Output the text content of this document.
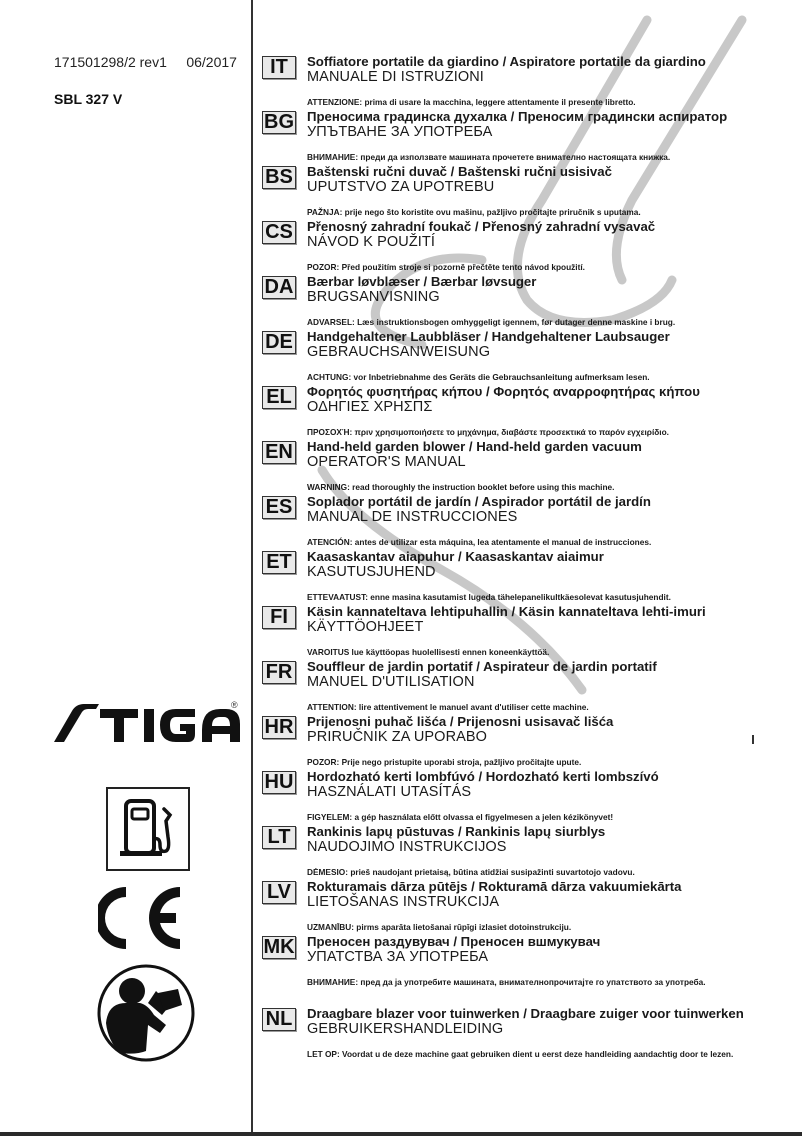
171501298/2 rev1 06/2017
SBL 327 V
®
IT	Soffiatore portatile da giardino / Aspiratore portatile da giardino
MANUALE DI ISTRUZIONI
ATTENZIONE: prima di usare la macchina, leggere attentamente il presente libretto.
BG Преносима градинска духалка / Преносим градински аспиратор
УПЪТВАНЕ ЗА УПОТРЕБА
ВНИМАНИЕ: преди да използвате машината прочетете внимателно настоящата книжка.
BS Baštenski ručni duvač / Baštenski ručni usisivač
UPUTSTVO ZA UPOTREBU
PAŽNJA: prije nego što koristite ovu mašinu, pažljivo pročitajte priručnik s uputama.
CS Přenosný zahradní foukač / Přenosný zahradní vysavač
NÁVOD K POUŽITÍ
POZOR: Před použitím stroje si pozorně přečtěte tento návod kpoužití.
DA Bærbar løvblæser / Bærbar løvsuger
BRUGSANVISNING
ADVARSEL: Læs instruktionsbogen omhyggeligt igennem, før dutager denne maskine i brug.
DE Handgehaltener Laubbläser / Handgehaltener Laubsauger
GEBRAUCHSANWEISUNG
ACHTUNG: vor Inbetriebnahme des Geräts die Gebrauchsanleitung aufmerksam lesen.
EL	Φορητός φυσητήρας κήπου / Φορητός αναρροφητήρας κήπου
ΟΔΗΓΙΕΣ ΧΡΗΣΠΣ
ΠΡΟΣΟΧΉ: πριν χρησιμοποιήσετε το μηχάνημα, διαβάστε προσεκτικά το παρόν εγχειρίδιο.
EN Hand-held garden blower / Hand-held garden vacuum
OPERATOR'S MANUAL
WARNING: read thoroughly the instruction booklet before using this machine.
ES Soplador portátil de jardín / Aspirador portátil de jardín
MANUAL DE INSTRUCCIONES
ATENCIÓN: antes de utilizar esta máquina, lea atentamente el manual de instrucciones.
ET	Kaasaskantav aiapuhur / Kaasaskantav aiaimur
KASUTUSJUHEND
ETTEVAATUST: enne masina kasutamist lugeda tähelepanelikultkäesolevat kasutusjuhendit.
FI	Käsin kannateltava lehtipuhallin / Käsin kannateltava lehti-imuri
KÄYTTÖOHJEET
VAROITUS lue käyttöopas huolellisesti ennen koneenkäyttöä.
FR Souffleur de jardin portatif / Aspirateur de jardin portatif
MANUEL D'UTILISATION
ATTENTION: lire attentivement le manuel avant d'utiliser cette machine.
HR Prijenosni puhač lišća / Prijenosni usisavač lišća
PRIRUČNIK ZA UPORABO
POZOR: Prije nego pristupite uporabi stroja, pažljivo pročitajte upute.
HU Hordozható kerti lombfúvó / Hordozható kerti lombszívó
HASZNÁLATI UTASÍTÁS
FIGYELEM: a gép használata előtt olvassa el figyelmesen a jelen kézikönyvet!
LT	Rankinis lapų pūstuvas / Rankinis lapų siurblys
NAUDOJIMO INSTRUKCIJOS
DĖMESIO: prieš naudojant prietaisą, būtina atidžiai susipažinti suvartotojo vadovu.
LV	Rokturamais dārza pūtējs / Rokturamā dārza vakuumiekārta
LIETOŠANAS INSTRUKCIJA
UZMANĪBU: pirms aparāta lietošanai rūpīgi izlasiet dotoinstrukciju.
MK Преносен раздувувач / Преносен вшмукувач
УПАТСТВА ЗА УПОТРЕБА
ВНИМАНИЕ: пред да ја употребите машината, внимателнопрочитајте го упатството за употреба.
NL Draagbare blazer voor tuinwerken / Draagbare zuiger voor tuinwerken
GEBRUIKERSHANDLEIDING
LET OP: Voordat u de deze machine gaat gebruiken dient u eerst deze handleiding aandachtig door te lezen.
